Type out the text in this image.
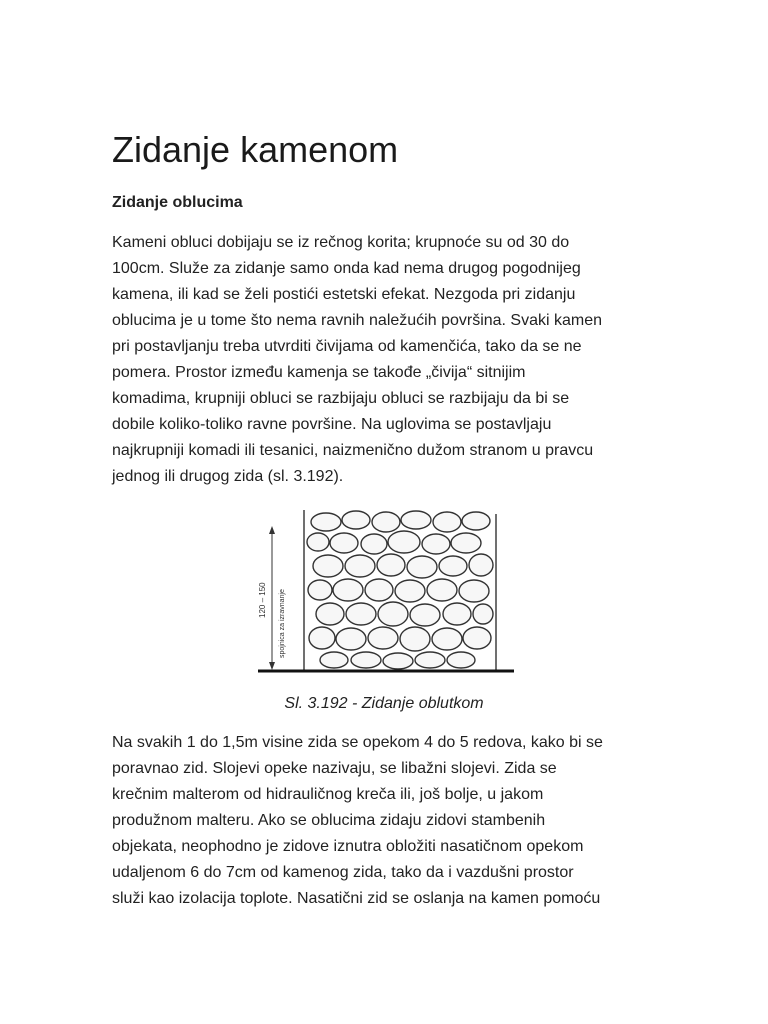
Zidanje kamenom
Zidanje oblucima

Kameni obluci dobijaju se iz rečnog korita; krupnoće su od 30 do
100cm. Služe za zidanje samo onda kad nema drugog pogodnijeg
kamena, ili kad se želi postići estetski efekat. Nezgoda pri zidanju
oblucima je u tome što nema ravnih naležućih površina. Svaki kamen
pri postavljanju treba utvrditi čivijama od kamenčića, tako da se ne
pomera. Prostor između kamenja se takođe „čivija“ sitnijim
komadima, krupniji obluci se razbijaju obluci se razbijaju da bi se
dobile koliko-toliko ravne površine. Na uglovima se postavljaju
najkrupniji komadi ili tesanici, naizmenično dužom stranom u pravcu
jednog ili drugog zida (sl. 3.192).

120 – 150 spojnica za izravnanje

Sl. 3.192 - Zidanje oblutkom

Na svakih 1 do 1,5m visine zida se opekom 4 do 5 redova, kako bi se
poravnao zid. Slojevi opeke nazivaju, se libažni slojevi. Zida se
krečnim malterom od hidrauličnog kreča ili, još bolje, u jakom
produžnom malteru. Ako se oblucima zidaju zidovi stambenih
objekata, neophodno je zidove iznutra obložiti nasatičnom opekom
udaljenom 6 do 7cm od kamenog zida, tako da i vazdušni prostor
služi kao izolacija toplote. Nasatični zid se oslanja na kamen pomoću
